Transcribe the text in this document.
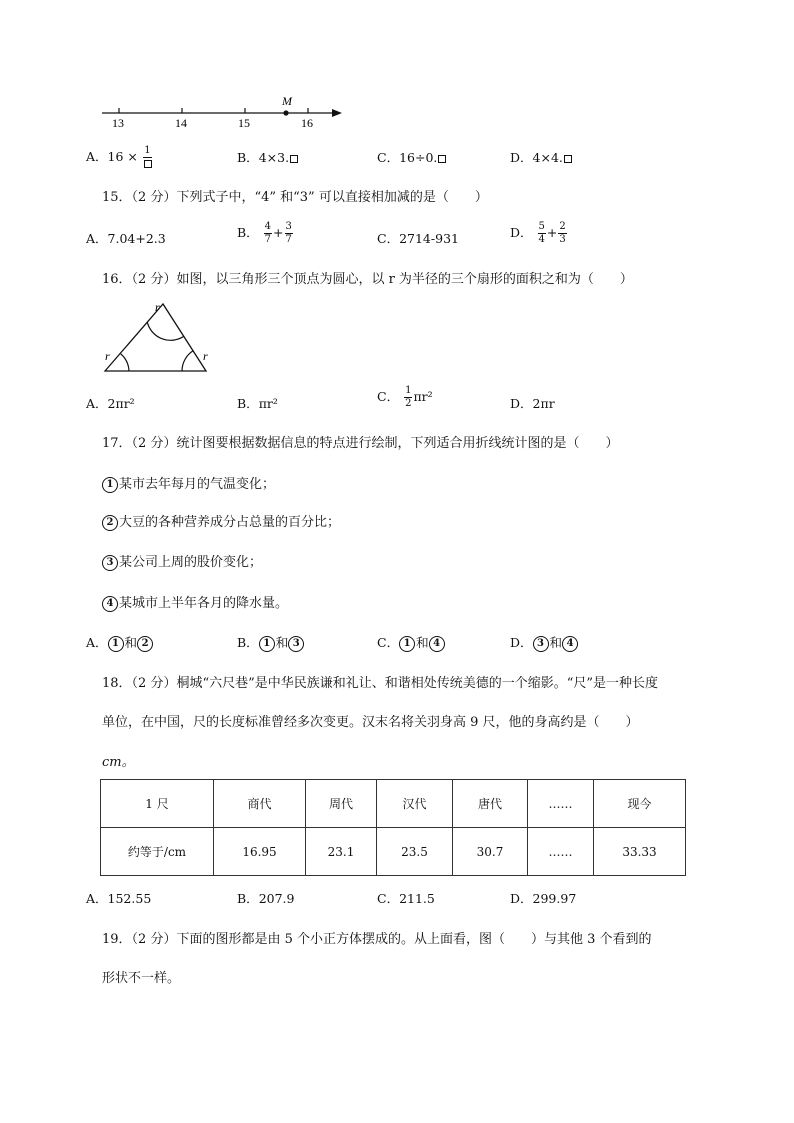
M
13	14	15	16
A．16 × 1	B．4×3.	C．16÷0.	D．4×4.
15．（2 分）下列式子中，“4” 和“3” 可以直接相加减的是（　　）
A．7.04+2.3	B． $\frac{4}{7} + \frac{3}{7}$	C．2714-931	D． $\frac{5}{4} + \frac{2}{3}$
16．（2 分）如图，以三角形三个顶点为圆心，以 r 为半径的三个扇形的面积之和为（　　）
r
r	r
A．2πr²	B．πr²	C． $\frac{1}{2} \pi r^2$	D．2πr
17．（2 分）统计图要根据数据信息的特点进行绘制，下列适合用折线统计图的是（　　）
1 某市去年每月的气温变化；
2 大豆的各种营养成分占总量的百分比；
3 某公司上周的股价变化；
4 某城市上半年各月的降水量。
A． 1 和 2	B． 1 和 3	C． 1 和 4	D． 3 和 4
18．（2 分）桐城“六尺巷”是中华民族谦和礼让、和谐相处传统美德的一个缩影。“尺”是一种长度
单位，在中国，尺的长度标准曾经多次变更。汉末名将关羽身高 9 尺，他的身高约是（　　）
cm。
1 尺	商代	周代	汉代	唐代	……	现今
约等于/cm	16.95	23.1	23.5	30.7	……	33.33
A．152.55	B．207.9	C．211.5	D．299.97
19．（2 分）下面的图形都是由 5 个小正方体摆成的。从上面看，图（　　）与其他 3 个看到的
形状不一样。
